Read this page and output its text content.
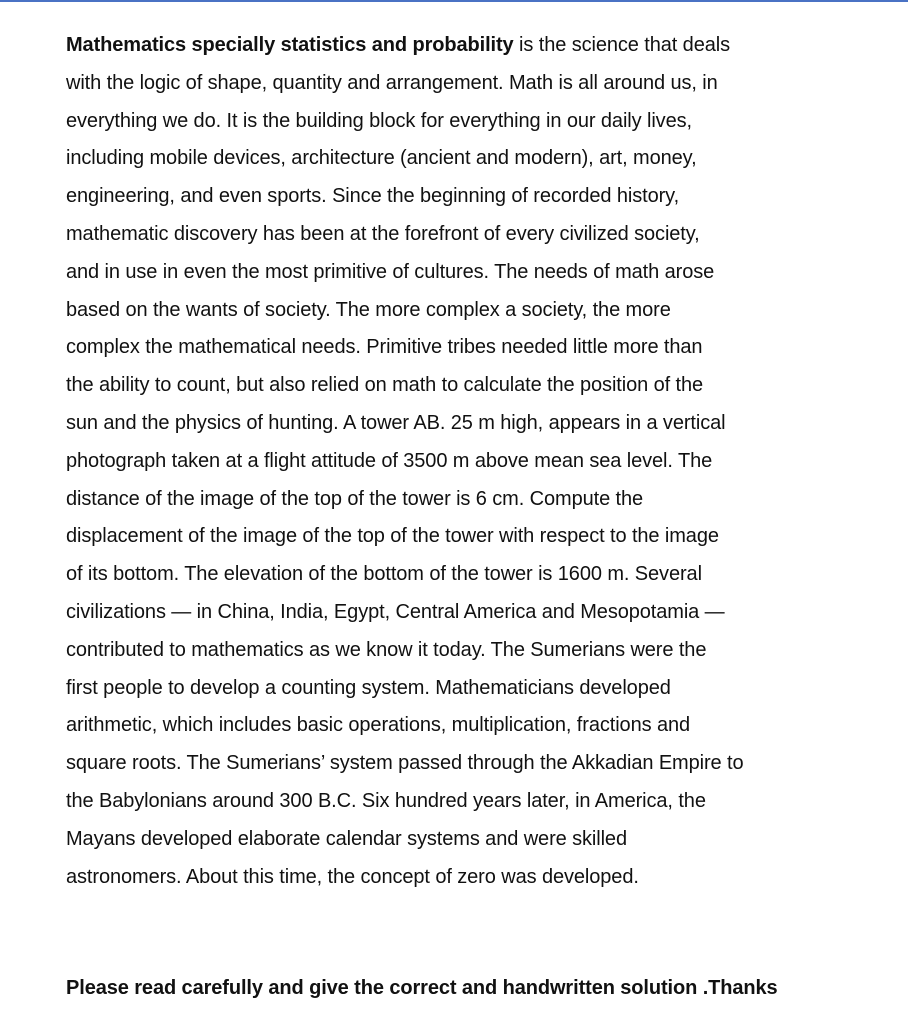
Mathematics specially statistics and probability is the science that deals
with the logic of shape, quantity and arrangement. Math is all around us, in
everything we do. It is the building block for everything in our daily lives,
including mobile devices, architecture (ancient and modern), art, money,
engineering, and even sports. Since the beginning of recorded history,
mathematic discovery has been at the forefront of every civilized society,
and in use in even the most primitive of cultures. The needs of math arose
based on the wants of society. The more complex a society, the more
complex the mathematical needs. Primitive tribes needed little more than
the ability to count, but also relied on math to calculate the position of the
sun and the physics of hunting. A tower AB. 25 m high, appears in a vertical
photograph taken at a flight attitude of 3500 m above mean sea level. The
distance of the image of the top of the tower is 6 cm. Compute the
displacement of the image of the top of the tower with respect to the image
of its bottom. The elevation of the bottom of the tower is 1600 m. Several
civilizations — in China, India, Egypt, Central America and Mesopotamia —
contributed to mathematics as we know it today. The Sumerians were the
first people to develop a counting system. Mathematicians developed
arithmetic, which includes basic operations, multiplication, fractions and
square roots. The Sumerians’ system passed through the Akkadian Empire to
the Babylonians around 300 B.C. Six hundred years later, in America, the
Mayans developed elaborate calendar systems and were skilled
astronomers. About this time, the concept of zero was developed.

Please read carefully and give the correct and handwritten solution .Thanks
